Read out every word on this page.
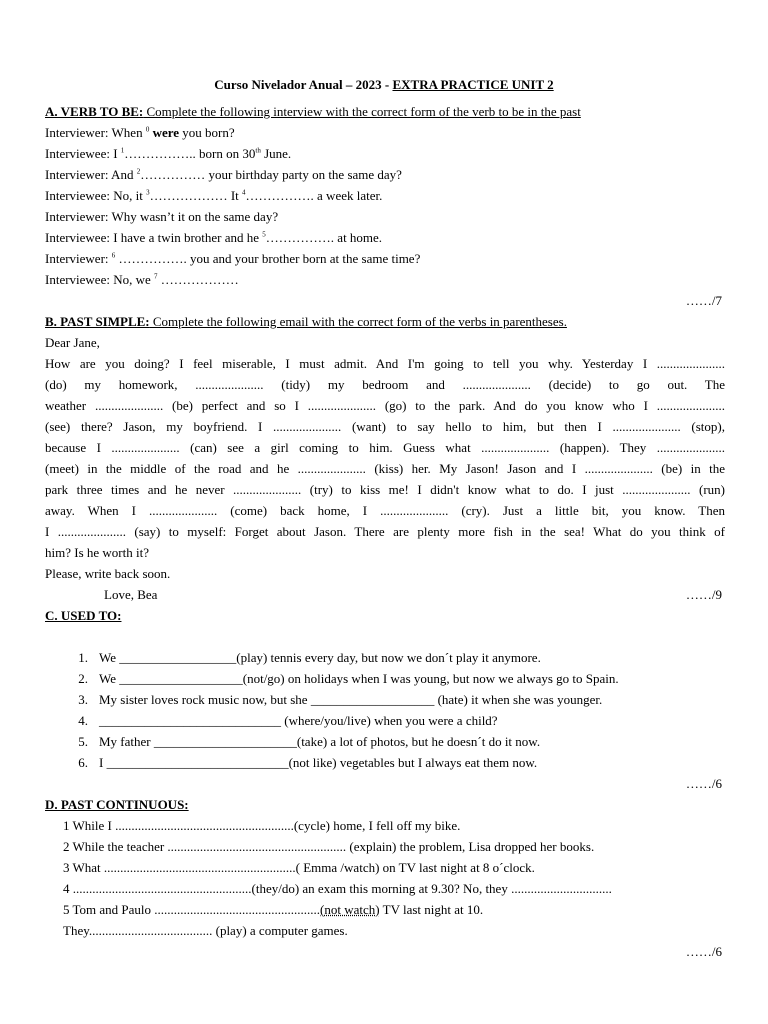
Curso Nivelador Anual – 2023 - EXTRA PRACTICE UNIT 2
A. VERB TO BE: Complete the following interview with the correct form of the verb to be in the past
Interviewer: When $^0$ were you born?
Interviewee: I $^1$…………….. born on 30th June.
Interviewer: And $^2$…………… your birthday party on the same day?
Interviewee: No, it $^3$……………… It $^4$……………. a week later.
Interviewer: Why wasn’t it on the same day?
Interviewee: I have a twin brother and he $^5$……………. at home.
Interviewer: $^6$ ……………. you and your brother born at the same time?
Interviewee: No, we $^7$ ………………
……/7
B. PAST SIMPLE: Complete the following email with the correct form of the verbs in parentheses.
Dear Jane,
How are you doing? I feel miserable, I must admit. And I'm going to tell you why. Yesterday I .....................
(do) my homework, ..................... (tidy) my bedroom and ..................... (decide) to go out. The
weather ..................... (be) perfect and so I ..................... (go) to the park. And do you know who I .....................
(see) there? Jason, my boyfriend. I ..................... (want) to say hello to him, but then I ..................... (stop),
because I ..................... (can) see a girl coming to him. Guess what ..................... (happen). They .....................
(meet) in the middle of the road and he ..................... (kiss) her. My Jason! Jason and I ..................... (be) in the
park three times and he never ..................... (try) to kiss me! I didn't know what to do. I just ..................... (run)
away. When I ..................... (come) back home, I ..................... (cry). Just a little bit, you know. Then
I ..................... (say) to myself: Forget about Jason. There are plenty more fish in the sea! What do you think of
him? Is he worth it?
Please, write back soon.
Love, Bea	……/9
C. USED TO:
1. We __________________(play) tennis every day, but now we don´t play it anymore.
2. We ___________________(not/go) on holidays when I was young, but now we always go to Spain.
3. My sister loves rock music now, but she ___________________ (hate) it when she was younger.
4. ____________________________ (where/you/live) when you were a child?
5. My father ______________________(take) a lot of photos, but he doesn´t do it now.
6. I ____________________________(not like) vegetables but I always eat them now.
……/6
D. PAST CONTINUOUS:
1 While I .......................................................(cycle) home, I fell off my bike.
2 While the teacher ....................................................... (explain) the problem, Lisa dropped her books.
3 What ...........................................................( Emma /watch) on TV last night at 8 o´clock.
4 .......................................................(they/do) an exam this morning at 9.30? No, they ...............................
5 Tom and Paulo ...................................................(not watch) TV last night at 10.
They...................................... (play) a computer games.
……/6
